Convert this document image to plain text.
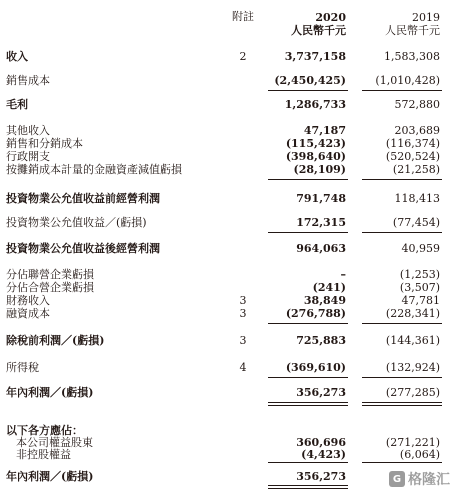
附註	2020	2019
人民幣千元	人民幣千元
收入	2	3,737,158	1,583,308
銷售成本	(2,450,425)	(1,010,428)
毛利	1,286,733	572,880
其他收入	47,187	203,689
銷售和分銷成本	(115,423)	(116,374)
行政開支	(398,640)	(520,524)
按攤銷成本計量的金融資產減值虧損	(28,109)	(21,258)
投資物業公允值收益前經營利潤	791,748	118,413
投資物業公允值收益／(虧損)	172,315	(77,454)
投資物業公允值收益後經營利潤	964,063	40,959
分佔聯營企業虧損	–	(1,253)
分佔合營企業虧損	(241)	(3,507)
財務收入	3	38,849	47,781
融資成本	3	(276,788)	(228,341)
除稅前利潤／(虧損)	3	725,883	(144,361)
所得稅	4	(369,610)	(132,924)
年內利潤／(虧損)	356,273	(277,285)
以下各方應佔：
本公司權益股東	360,696	(271,221)
非控股權益	(4,423)	(6,064)
年內利潤／(虧損)	356,273	G 格隆汇
